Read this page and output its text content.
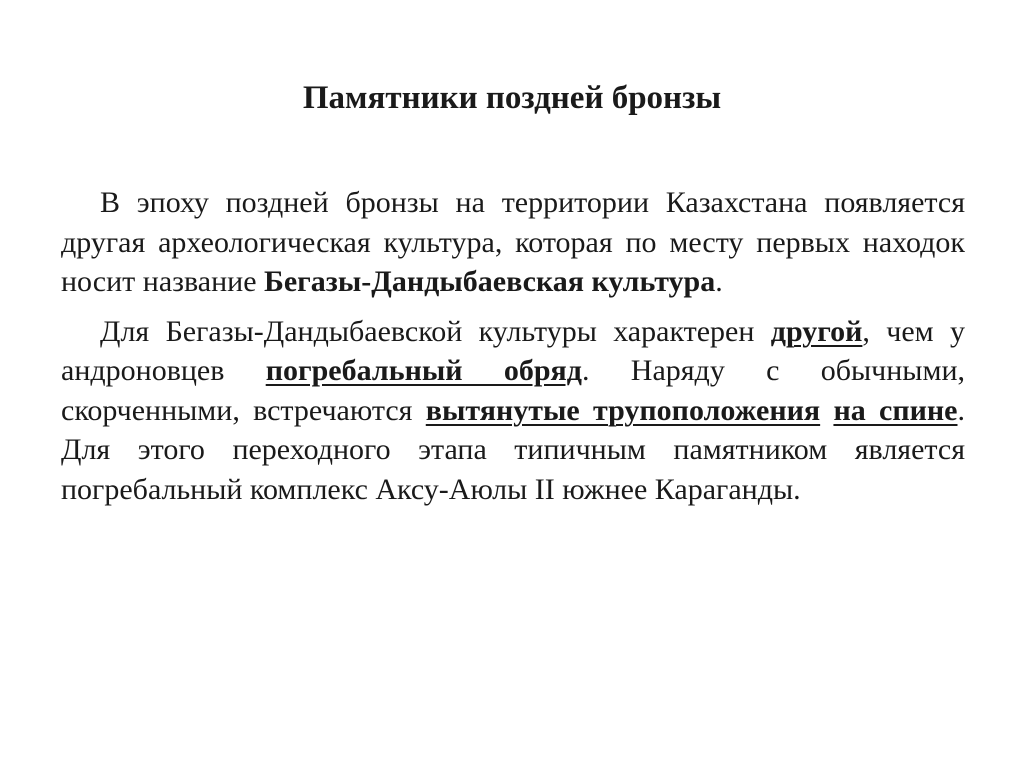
Памятники поздней бронзы

В эпоху поздней бронзы на территории Казахстана появляется другая археологическая культура, которая по месту первых находок носит название Бегазы-Дандыбаевская культура.

Для Бегазы-Дандыбаевской культуры характерен другой, чем у андроновцев погребальный обряд. Наряду с обычными, скорченными, встречаются вытянутые трупоположения на спине. Для этого переходного этапа типичным памятником является погребальный комплекс Аксу-Аюлы II южнее Караганды.
